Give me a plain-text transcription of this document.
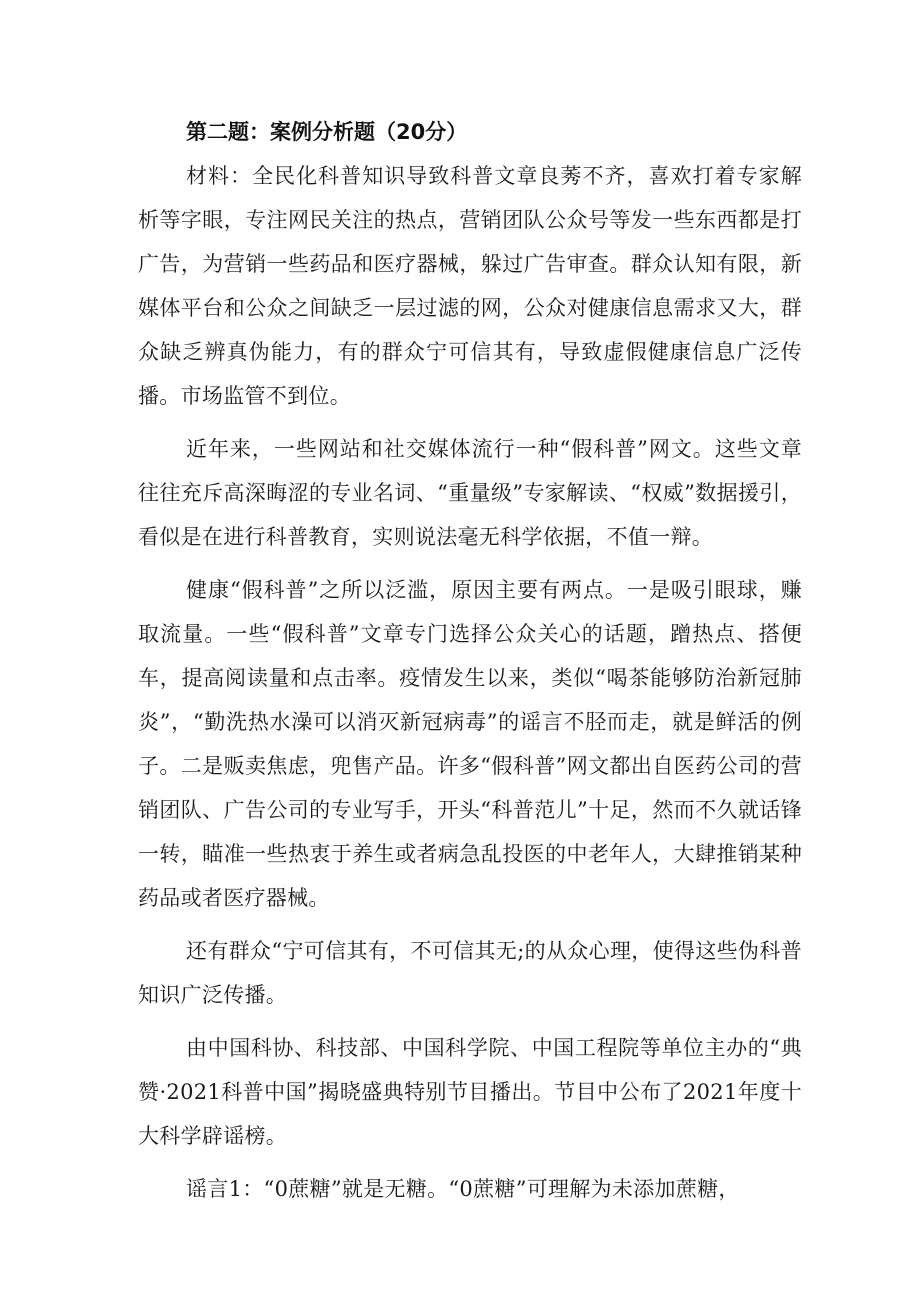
第二题：案例分析题（20分）

材料：全民化科普知识导致科普文章良莠不齐，喜欢打着专家解析等字眼，专注网民关注的热点，营销团队公众号等发一些东西都是打广告，为营销一些药品和医疗器械，躲过广告审查。群众认知有限，新媒体平台和公众之间缺乏一层过滤的网，公众对健康信息需求又大，群众缺乏辨真伪能力，有的群众宁可信其有，导致虚假健康信息广泛传播。市场监管不到位。

近年来，一些网站和社交媒体流行一种“假科普”网文。这些文章往往充斥高深晦涩的专业名词、“重量级”专家解读、“权威”数据援引，看似是在进行科普教育，实则说法毫无科学依据，不值一辩。

健康“假科普”之所以泛滥，原因主要有两点。一是吸引眼球，赚取流量。一些“假科普”文章专门选择公众关心的话题，蹭热点、搭便车，提高阅读量和点击率。疫情发生以来，类似“喝茶能够防治新冠肺炎”，“勤洗热水澡可以消灭新冠病毒”的谣言不胫而走，就是鲜活的例子。二是贩卖焦虑，兜售产品。许多“假科普”网文都出自医药公司的营销团队、广告公司的专业写手，开头“科普范儿”十足，然而不久就话锋一转，瞄准一些热衷于养生或者病急乱投医的中老年人，大肆推销某种药品或者医疗器械。

还有群众“宁可信其有，不可信其无;的从众心理，使得这些伪科普知识广泛传播。

由中国科协、科技部、中国科学院、中国工程院等单位主办的“典赞·2021科普中国”揭晓盛典特别节目播出。节目中公布了2021年度十大科学辟谣榜。

谣言1：“0蔗糖”就是无糖。“0蔗糖”可理解为未添加蔗糖，
